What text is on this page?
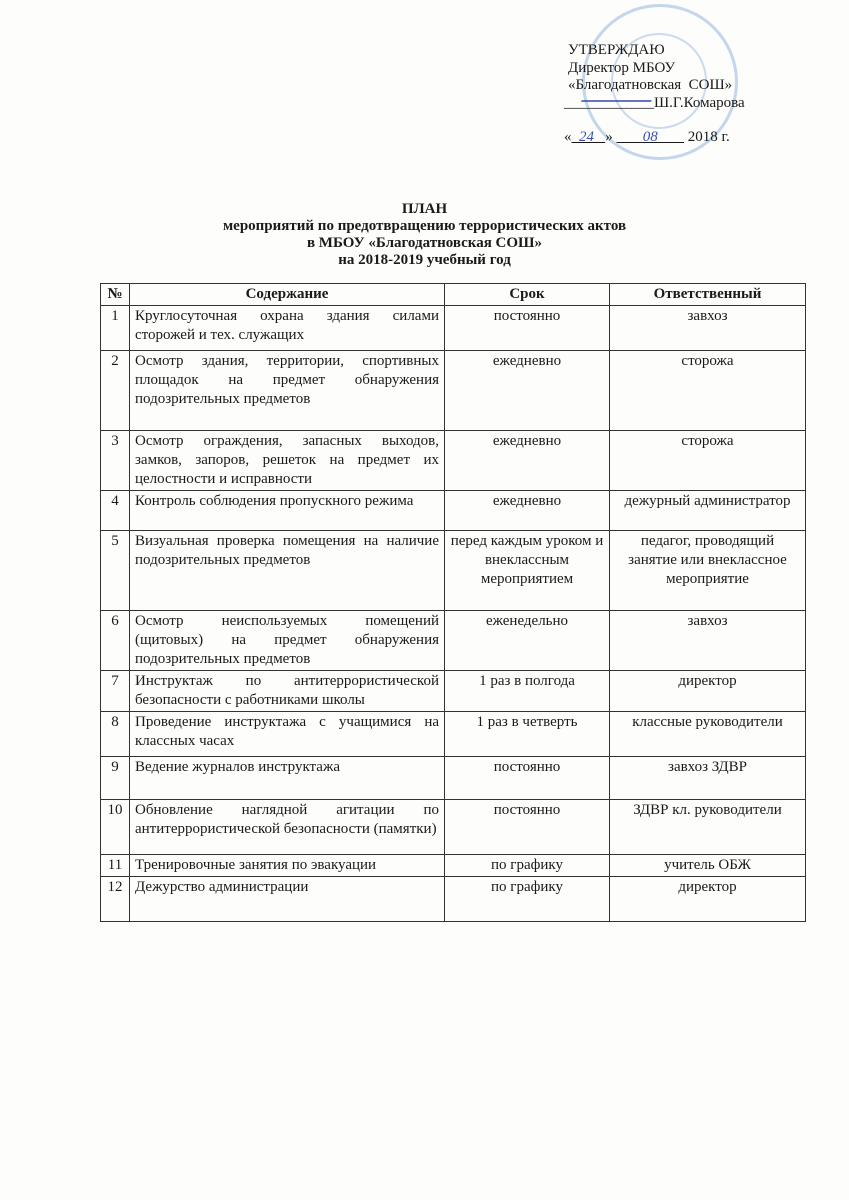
УТВЕРЖДАЮ
Директор МБОУ
«Благодатновская  СОШ»
____________Ш.Г.Комарова
« 24 »        08 2018 г.
ПЛАН
мероприятий по предотвращению террористических актов
в МБОУ «Благодатновская СОШ»
на 2018-2019 учебный год
№	Содержание	Срок	Ответственный
1	Круглосуточная охрана здания силами сторожей и тех. служащих	постоянно	завхоз
2	Осмотр здания, территории, спортивных площадок на предмет обнаружения подозрительных предметов	ежедневно	сторожа
3	Осмотр ограждения, запасных выходов, замков, запоров, решеток на предмет их целостности и исправности	ежедневно	сторожа
4	Контроль соблюдения пропускного режима	ежедневно	дежурный администратор
5	Визуальная проверка помещения на наличие подозрительных предметов	перед каждым уроком и внеклассным мероприятием	педагог, проводящий занятие или внеклассное мероприятие
6	Осмотр неиспользуемых помещений (щитовых) на предмет обнаружения подозрительных предметов	еженедельно	завхоз
7	Инструктаж по антитеррористической безопасности с работниками школы	1 раз в полгода	директор
8	Проведение инструктажа с учащимися на классных часах	1 раз в четверть	классные руководители
9	Ведение журналов инструктажа	постоянно	завхоз ЗДВР
10	Обновление наглядной агитации по антитеррористической безопасности (памятки)	постоянно	ЗДВР кл. руководители
11	Тренировочные занятия по эвакуации	по графику	учитель ОБЖ
12	Дежурство администрации	по графику	директор
